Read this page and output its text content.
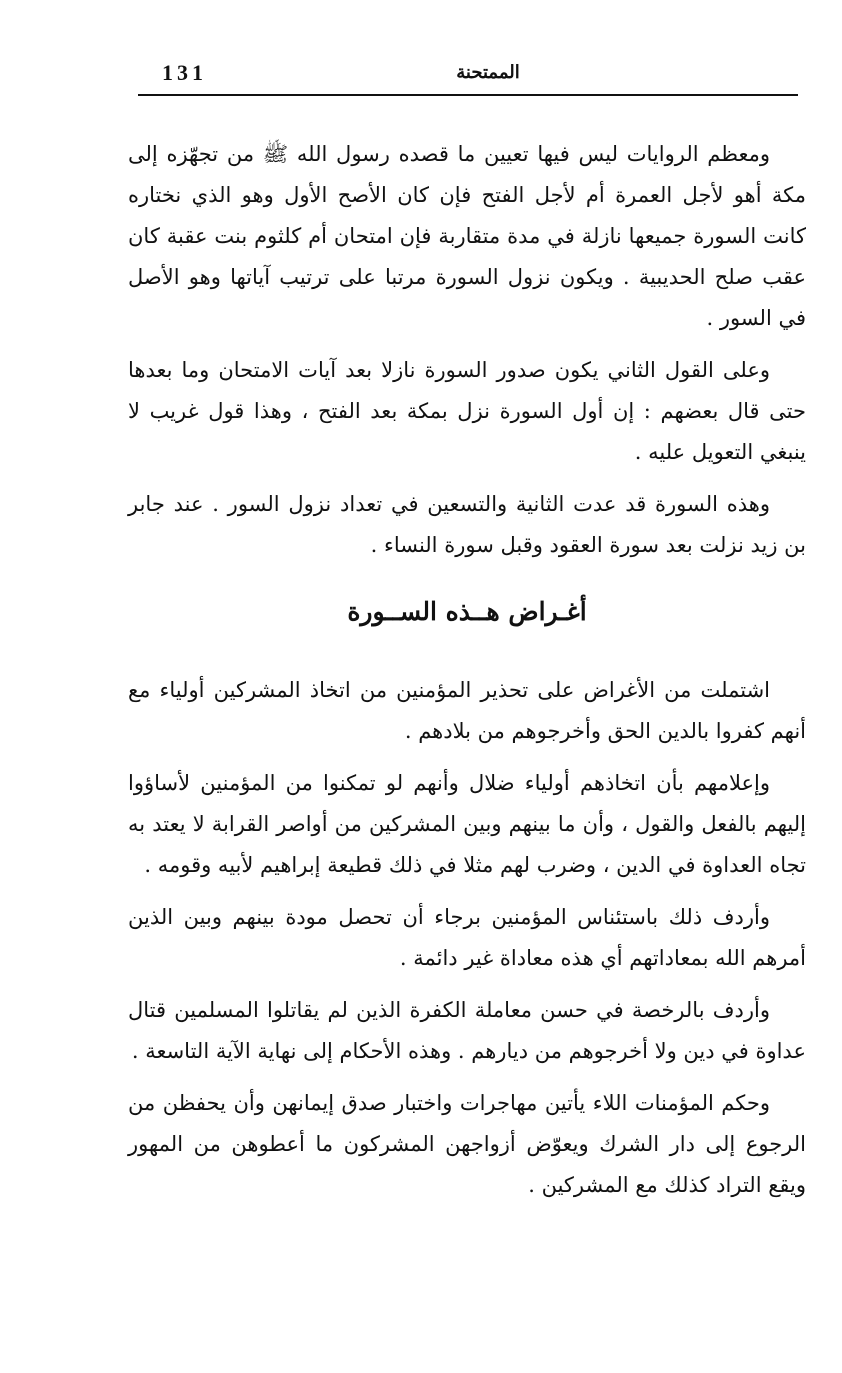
131	الممتحنة

ومعظم الروايات ليس فيها تعيين ما قصده رسول الله ﷺ من تجهّزه إلى مكة أهو لأجل العمرة أم لأجل الفتح فإن كان الأصح الأول وهو الذي نختاره كانت السورة جميعها نازلة في مدة متقاربة فإن امتحان أم كلثوم بنت عقبة كان عقب صلح الحديبية . ويكون نزول السورة مرتبا على ترتيب آياتها وهو الأصل في السور .

وعلى القول الثاني يكون صدور السورة نازلا بعد آيات الامتحان وما بعدها حتى قال بعضهم : إن أول السورة نزل بمكة بعد الفتح ، وهذا قول غريب لا ينبغي التعويل عليه .

وهذه السورة قد عدت الثانية والتسعين في تعداد نزول السور . عند جابر بن زيد نزلت بعد سورة العقود وقبل سورة النساء .

أغـراض هــذه الســورة

اشتملت من الأغراض على تحذير المؤمنين من اتخاذ المشركين أولياء مع أنهم كفروا بالدين الحق وأخرجوهم من بلادهم .

وإعلامهم بأن اتخاذهم أولياء ضلال وأنهم لو تمكنوا من المؤمنين لأساؤوا إليهم بالفعل والقول ، وأن ما بينهم وبين المشركين من أواصر القرابة لا يعتد به تجاه العداوة في الدين ، وضرب لهم مثلا في ذلك قطيعة إبراهيم لأبيه وقومه .

وأردف ذلك باستئناس المؤمنين برجاء أن تحصل مودة بينهم وبين الذين أمرهم الله بمعاداتهم أي هذه معاداة غير دائمة .

وأردف بالرخصة في حسن معاملة الكفرة الذين لم يقاتلوا المسلمين قتال عداوة في دين ولا أخرجوهم من ديارهم . وهذه الأحكام إلى نهاية الآية التاسعة .

وحكم المؤمنات اللاء يأتين مهاجرات واختبار صدق إيمانهن وأن يحفظن من الرجوع إلى دار الشرك ويعوّض أزواجهن المشركون ما أعطوهن من المهور ويقع التراد كذلك مع المشركين .
